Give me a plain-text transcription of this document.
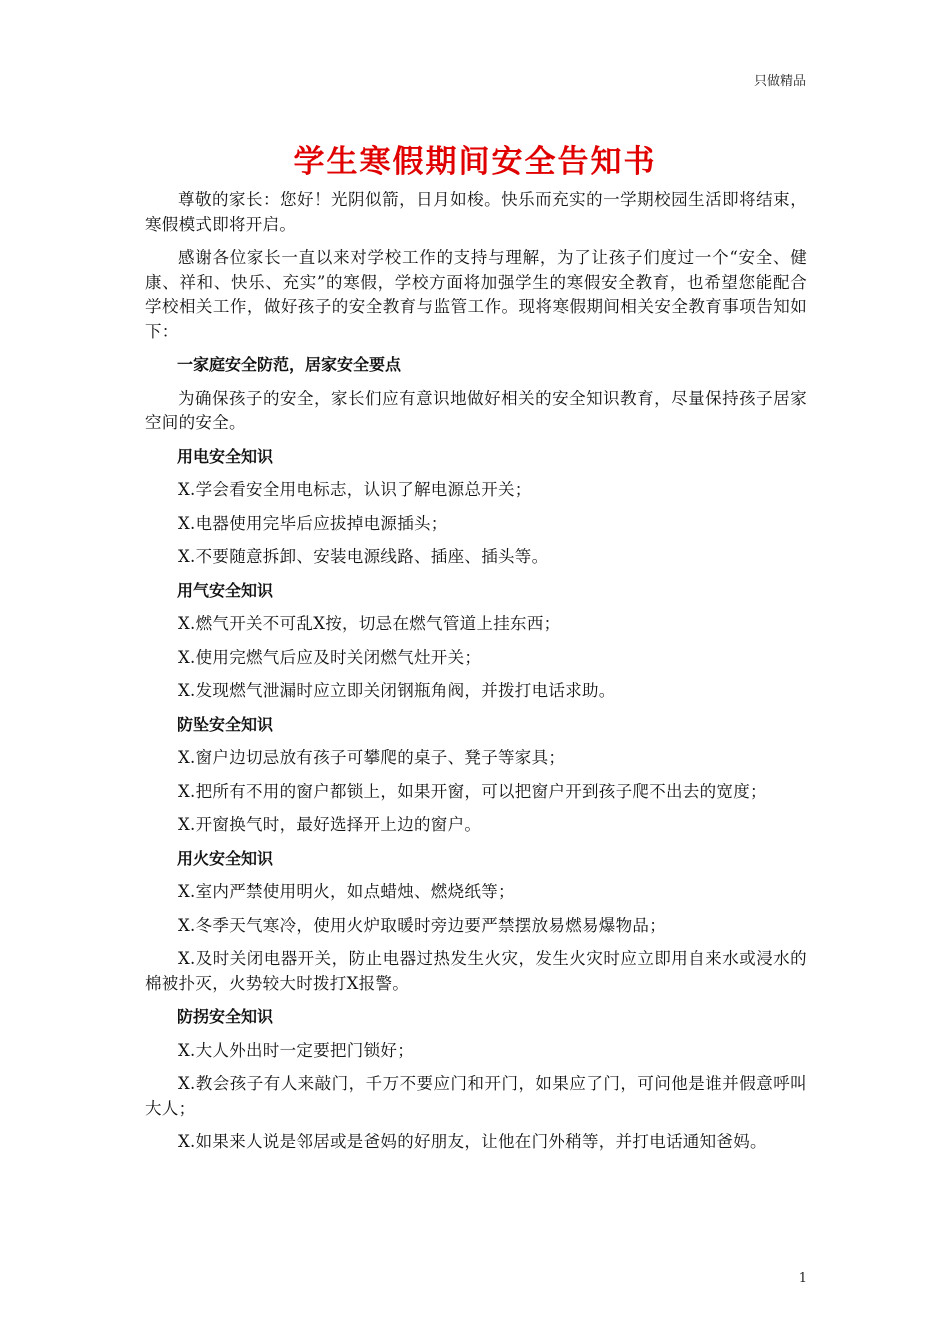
只做精品
学生寒假期间安全告知书

尊敬的家长：您好！光阴似箭，日月如梭。快乐而充实的一学期校园生活即将结束，寒假模式即将开启。

感谢各位家长一直以来对学校工作的支持与理解，为了让孩子们度过一个“安全、健康、祥和、快乐、充实”的寒假，学校方面将加强学生的寒假安全教育，也希望您能配合学校相关工作，做好孩子的安全教育与监管工作。现将寒假期间相关安全教育事项告知如下：

一家庭安全防范，居家安全要点

为确保孩子的安全，家长们应有意识地做好相关的安全知识教育，尽量保持孩子居家空间的安全。

用电安全知识

X.学会看安全用电标志，认识了解电源总开关；

X.电器使用完毕后应拔掉电源插头；

X.不要随意拆卸、安装电源线路、插座、插头等。

用气安全知识

X.燃气开关不可乱X按，切忌在燃气管道上挂东西；

X.使用完燃气后应及时关闭燃气灶开关；

X.发现燃气泄漏时应立即关闭钢瓶角阀，并拨打电话求助。

防坠安全知识

X.窗户边切忌放有孩子可攀爬的桌子、凳子等家具；

X.把所有不用的窗户都锁上，如果开窗，可以把窗户开到孩子爬不出去的宽度；

X.开窗换气时，最好选择开上边的窗户。

用火安全知识

X.室内严禁使用明火，如点蜡烛、燃烧纸等；

X.冬季天气寒冷，使用火炉取暖时旁边要严禁摆放易燃易爆物品；

X.及时关闭电器开关，防止电器过热发生火灾，发生火灾时应立即用自来水或浸水的棉被扑灭，火势较大时拨打X报警。

防拐安全知识

X.大人外出时一定要把门锁好；

X.教会孩子有人来敲门，千万不要应门和开门，如果应了门，可问他是谁并假意呼叫大人；

X.如果来人说是邻居或是爸妈的好朋友，让他在门外稍等，并打电话通知爸妈。

1
